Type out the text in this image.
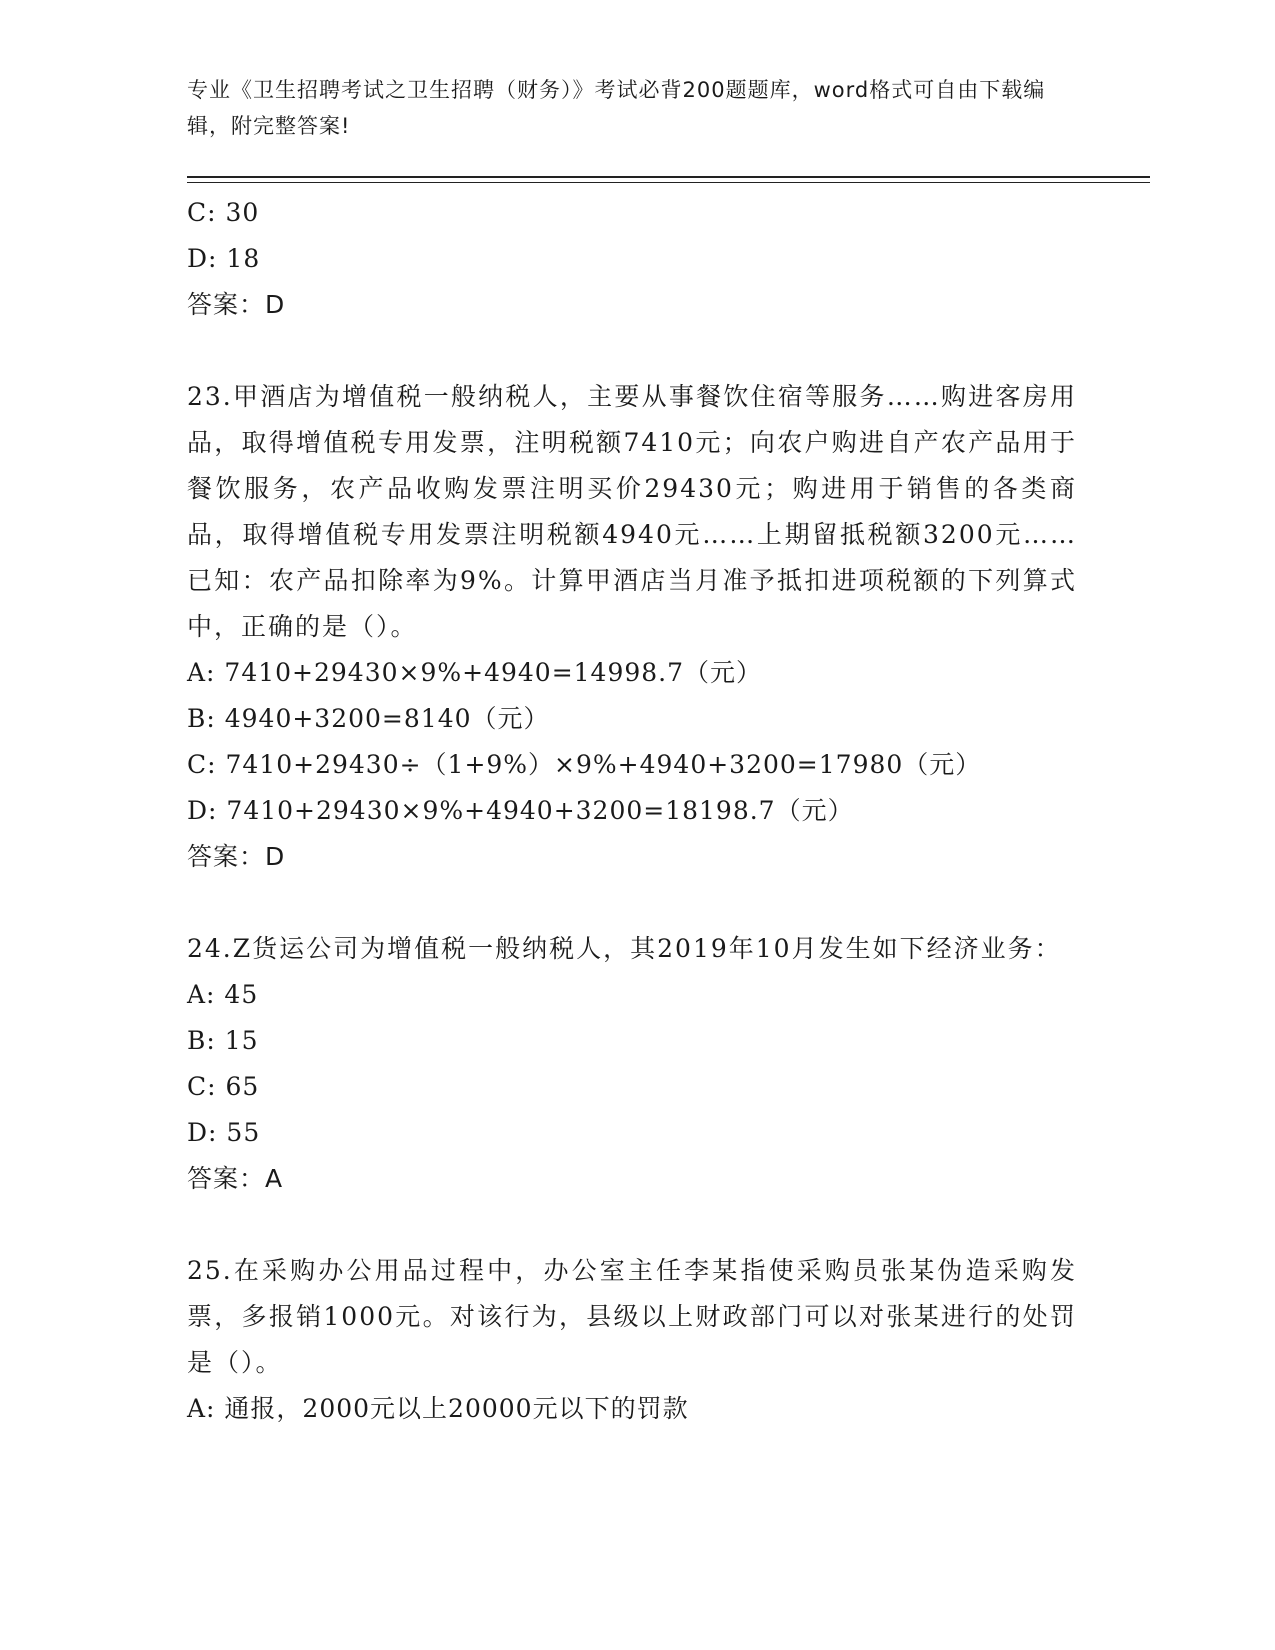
专业《卫生招聘考试之卫生招聘（财务）》考试必背200题题库，word格式可自由下载编辑，附完整答案!
C: 30
D: 18
答案：D
23.甲酒店为增值税一般纳税人，主要从事餐饮住宿等服务……购进客房用品，取得增值税专用发票，注明税额7410元；向农户购进自产农产品用于餐饮服务，农产品收购发票注明买价29430元；购进用于销售的各类商品，取得增值税专用发票注明税额4940元……上期留抵税额3200元……已知：农产品扣除率为9%。计算甲酒店当月准予抵扣进项税额的下列算式中，正确的是（）。
A: 7410+29430×9%+4940=14998.7（元）
B: 4940+3200=8140（元）
C: 7410+29430÷（1+9%）×9%+4940+3200=17980（元）
D: 7410+29430×9%+4940+3200=18198.7（元）
答案：D
24.Z货运公司为增值税一般纳税人，其2019年10月发生如下经济业务：
A: 45
B: 15
C: 65
D: 55
答案：A
25.在采购办公用品过程中，办公室主任李某指使采购员张某伪造采购发票，多报销1000元。对该行为，县级以上财政部门可以对张某进行的处罚是（）。
A: 通报，2000元以上20000元以下的罚款
